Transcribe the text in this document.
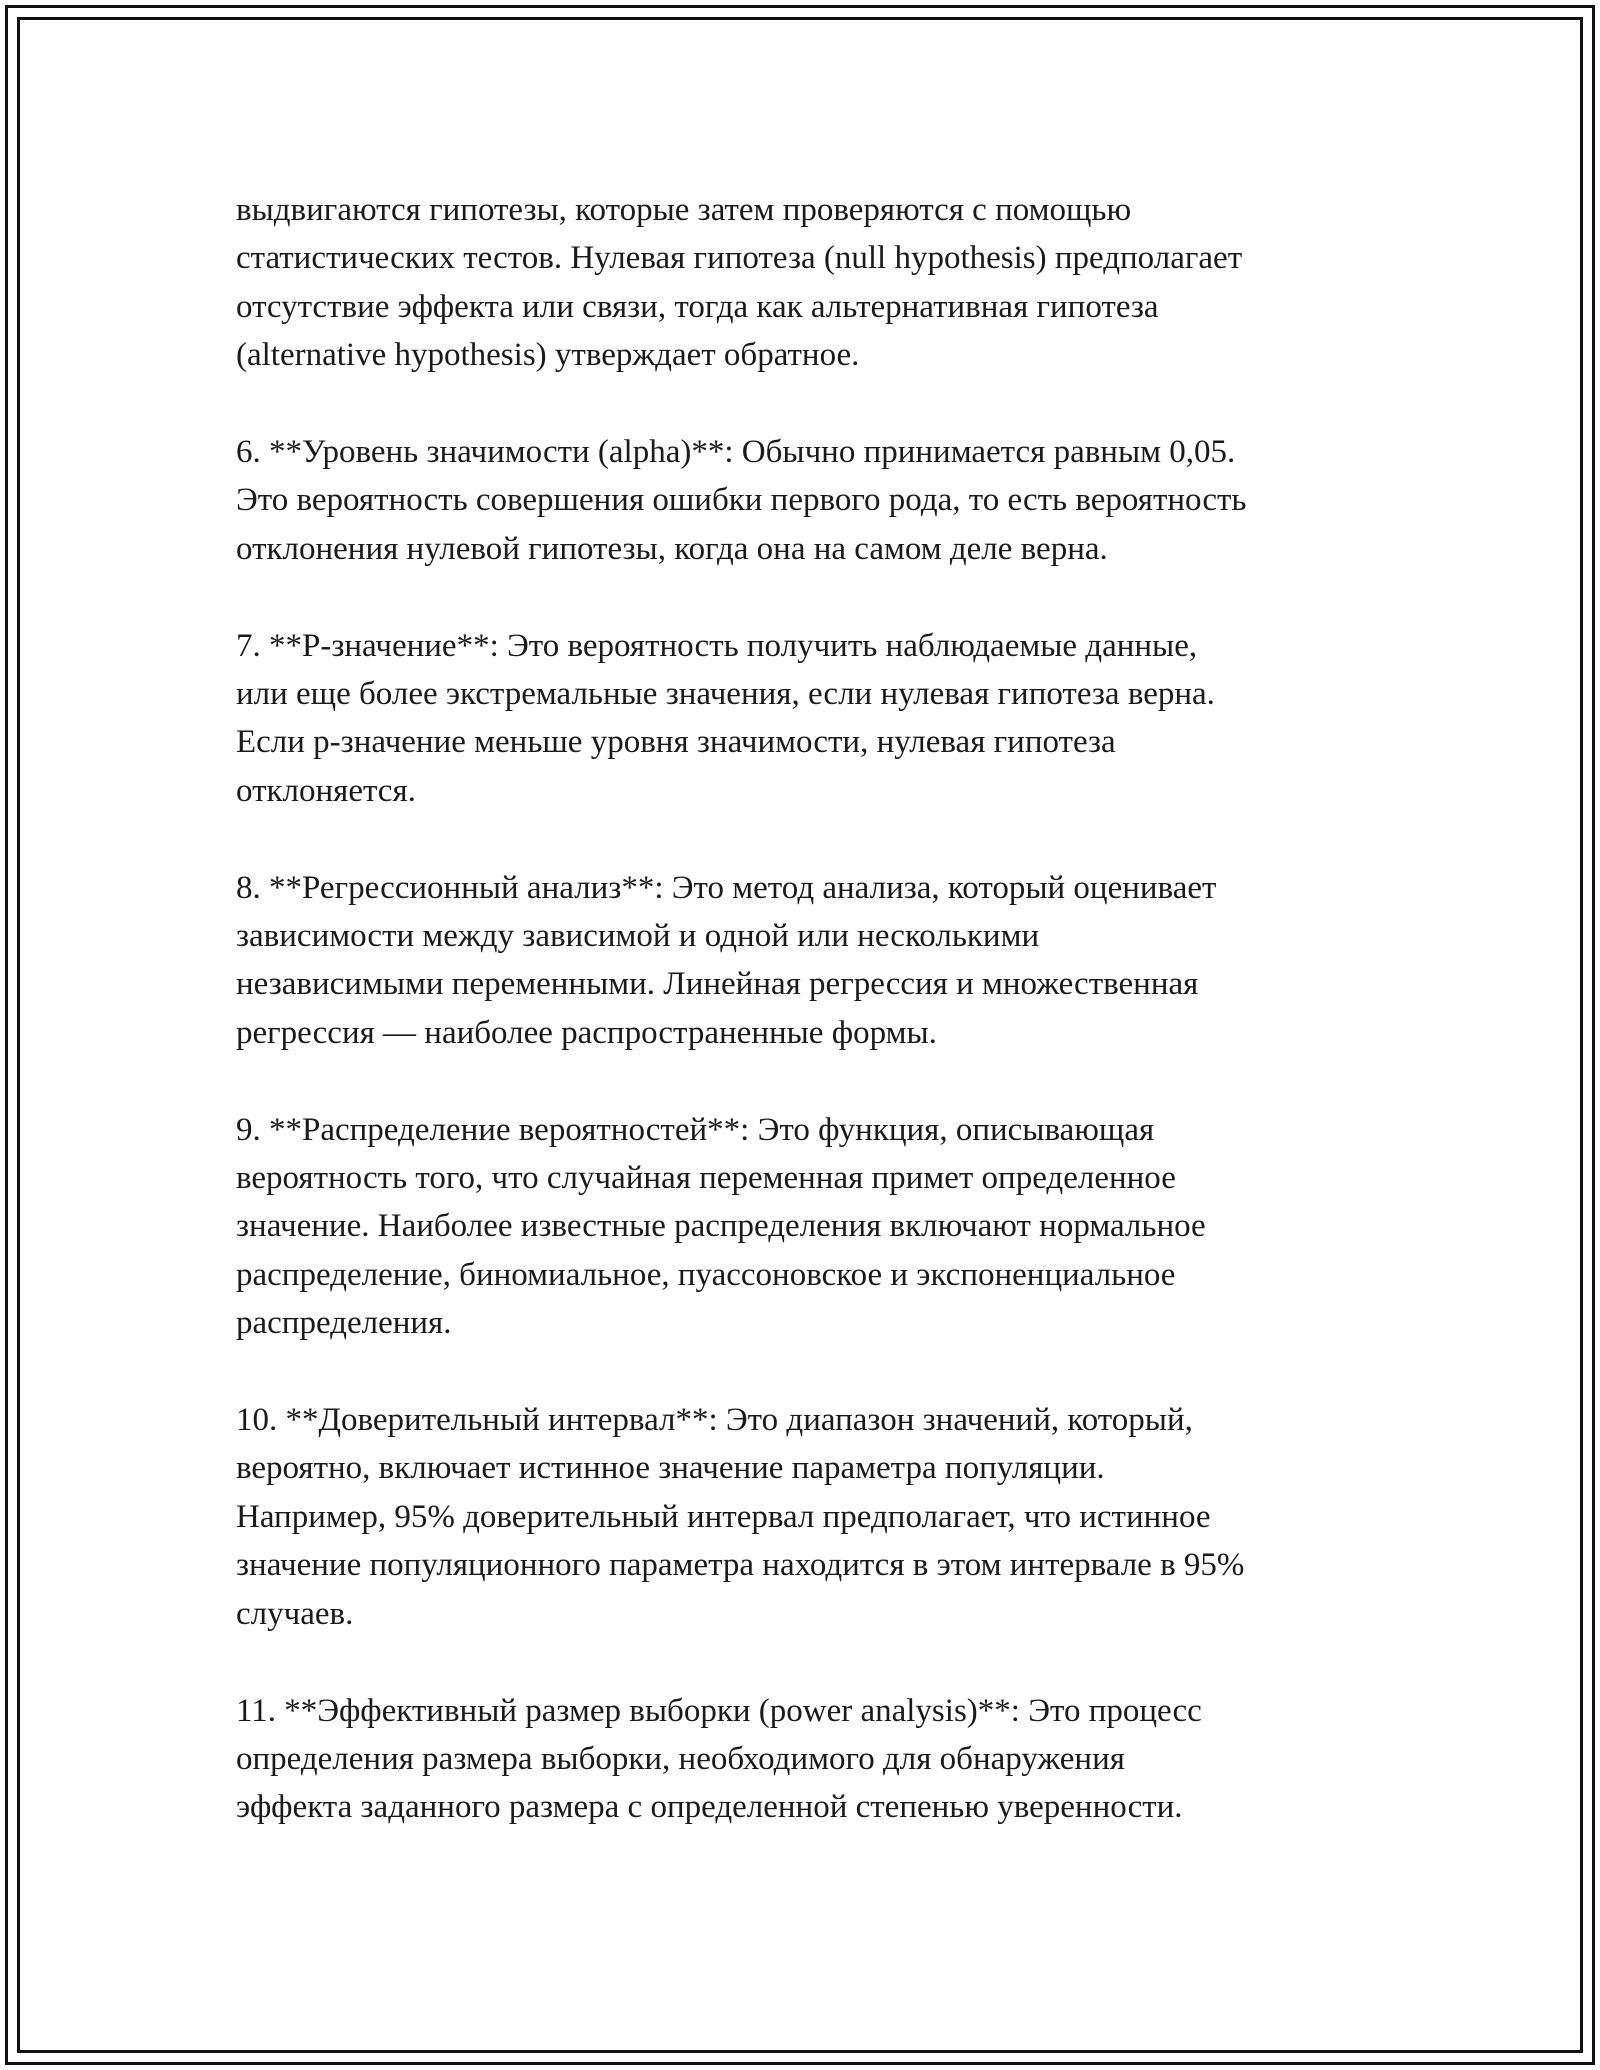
выдвигаются гипотезы, которые затем проверяются с помощью
статистических тестов. Нулевая гипотеза (null hypothesis) предполагает
отсутствие эффекта или связи, тогда как альтернативная гипотеза
(alternative hypothesis) утверждает обратное.

6. **Уровень значимости (alpha)**: Обычно принимается равным 0,05.
Это вероятность совершения ошибки первого рода, то есть вероятность
отклонения нулевой гипотезы, когда она на самом деле верна.

7. **P-значение**: Это вероятность получить наблюдаемые данные,
или еще более экстремальные значения, если нулевая гипотеза верна.
Если p-значение меньше уровня значимости, нулевая гипотеза
отклоняется.

8. **Регрессионный анализ**: Это метод анализа, который оценивает
зависимости между зависимой и одной или несколькими
независимыми переменными. Линейная регрессия и множественная
регрессия — наиболее распространенные формы.

9. **Распределение вероятностей**: Это функция, описывающая
вероятность того, что случайная переменная примет определенное
значение. Наиболее известные распределения включают нормальное
распределение, биномиальное, пуассоновское и экспоненциальное
распределения.

10. **Доверительный интервал**: Это диапазон значений, который,
вероятно, включает истинное значение параметра популяции.
Например, 95% доверительный интервал предполагает, что истинное
значение популяционного параметра находится в этом интервале в 95%
случаев.

11. **Эффективный размер выборки (power analysis)**: Это процесс
определения размера выборки, необходимого для обнаружения
эффекта заданного размера с определенной степенью уверенности.
